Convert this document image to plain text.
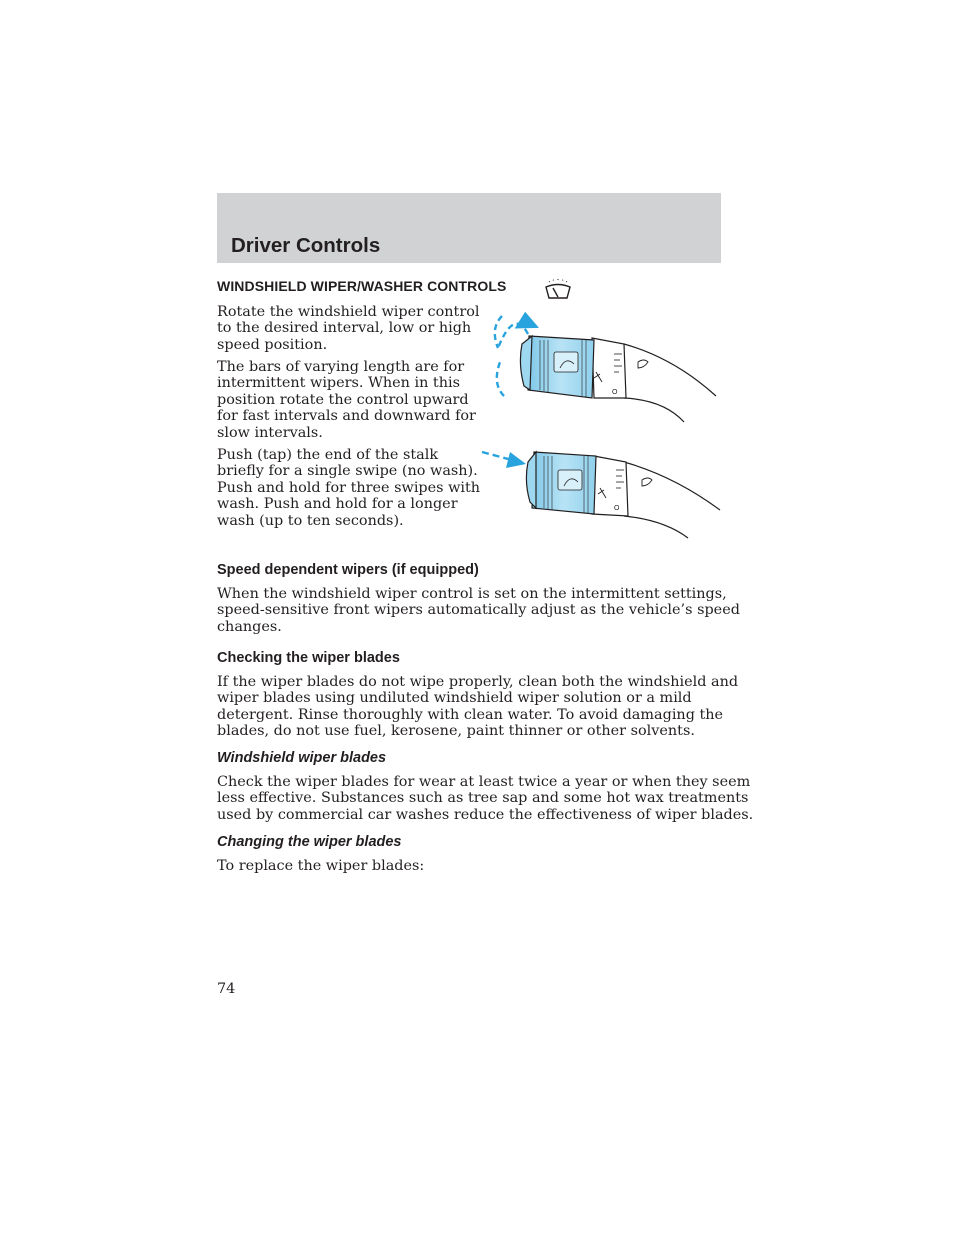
Driver Controls
WINDSHIELD WIPER/WASHER CONTROLS

Rotate the windshield wiper control
to the desired interval, low or high
speed position.

The bars of varying length are for
intermittent wipers. When in this
position rotate the control upward
for fast intervals and downward for
slow intervals.

Push (tap) the end of the stalk
briefly for a single swipe (no wash).
Push and hold for three swipes with
wash. Push and hold for a longer
wash (up to ten seconds).

O
O
Speed dependent wipers (if equipped)

When the windshield wiper control is set on the intermittent settings,
speed-sensitive front wipers automatically adjust as the vehicle’s speed
changes.

Checking the wiper blades

If the wiper blades do not wipe properly, clean both the windshield and
wiper blades using undiluted windshield wiper solution or a mild
detergent. Rinse thoroughly with clean water. To avoid damaging the
blades, do not use fuel, kerosene, paint thinner or other solvents.

Windshield wiper blades

Check the wiper blades for wear at least twice a year or when they seem
less effective. Substances such as tree sap and some hot wax treatments
used by commercial car washes reduce the effectiveness of wiper blades.

Changing the wiper blades

To replace the wiper blades:

74
